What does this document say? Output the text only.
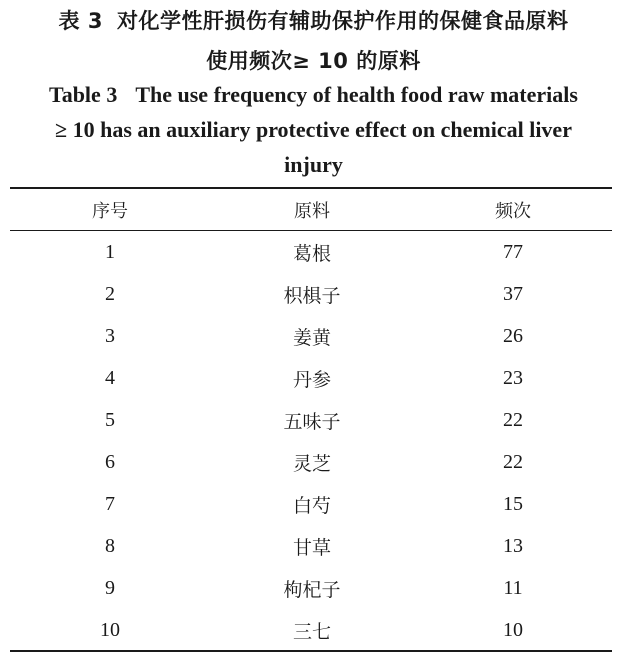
表 3 对化学性肝损伤有辅助保护作用的保健食品原料
使用频次≥ 10 的原料
Table 3 The use frequency of health food raw materials
≥ 10 has an auxiliary protective effect on chemical liver
injury
序号	原料	频次
1	葛根	77
2	枳椇子	37
3	姜黄	26
4	丹参	23
5	五味子	22
6	灵芝	22
7	白芍	15
8	甘草	13
9	枸杞子	11
10	三七	10
